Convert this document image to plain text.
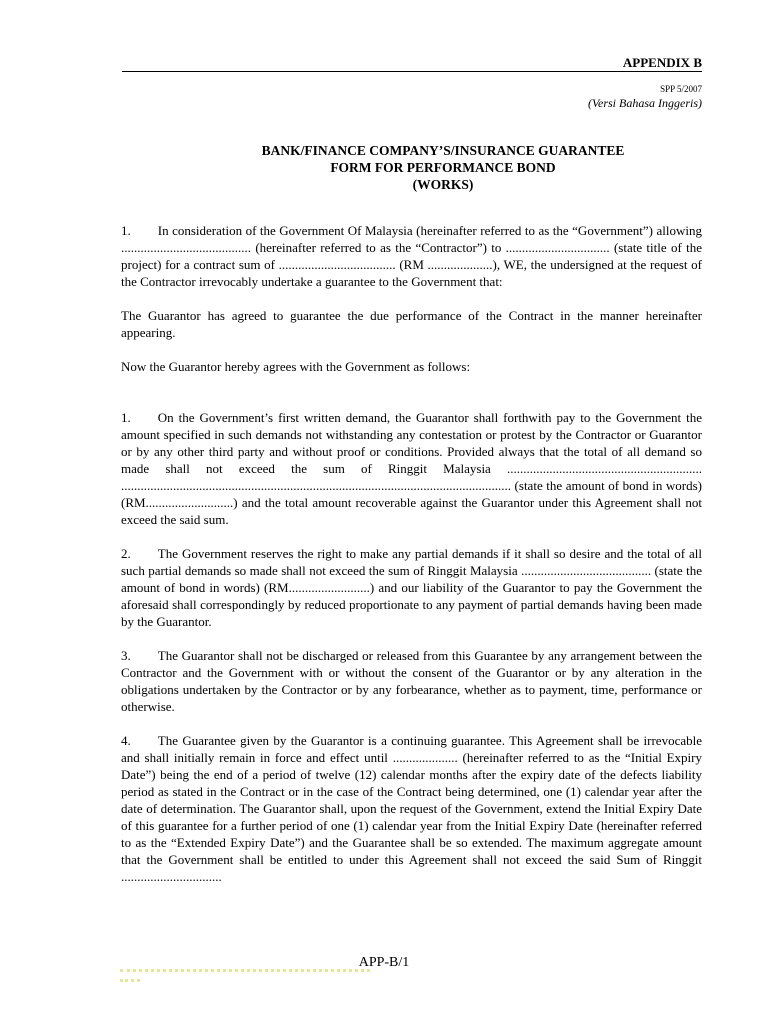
APPENDIX B
SPP 5/2007
(Versi Bahasa Inggeris)
BANK/FINANCE COMPANY’S/INSURANCE GUARANTEE
FORM FOR PERFORMANCE BOND
(WORKS)

1. In consideration of the Government Of Malaysia (hereinafter referred to as the “Government”) allowing ........................................ (hereinafter referred to as the “Contractor”) to ................................ (state title of the project) for a contract sum of .................................... (RM ....................), WE, the undersigned at the request of the Contractor irrevocably undertake a guarantee to the Government that:

The Guarantor has agreed to guarantee the due performance of the Contract in the manner hereinafter appearing.

Now the Guarantor hereby agrees with the Government as follows:

1. On the Government’s first written demand, the Guarantor shall forthwith pay to the Government the amount specified in such demands not withstanding any contestation or protest by the Contractor or Guarantor or by any other third party and without proof or conditions. Provided always that the total of all demand so made shall not exceed the sum of Ringgit Malaysia ............................................................ ........................................................................................................................ (state the amount of bond in words) (RM...........................) and the total amount recoverable against the Guarantor under this Agreement shall not exceed the said sum.

2. The Government reserves the right to make any partial demands if it shall so desire and the total of all such partial demands so made shall not exceed the sum of Ringgit Malaysia ........................................ (state the amount of bond in words) (RM.........................) and our liability of the Guarantor to pay the Government the aforesaid shall correspondingly by reduced proportionate to any payment of partial demands having been made by the Guarantor.

3. The Guarantor shall not be discharged or released from this Guarantee by any arrangement between the Contractor and the Government with or without the consent of the Guarantor or by any alteration in the obligations undertaken by the Contractor or by any forbearance, whether as to payment, time, performance or otherwise.

4. The Guarantee given by the Guarantor is a continuing guarantee. This Agreement shall be irrevocable and shall initially remain in force and effect until .................... (hereinafter referred to as the “Initial Expiry Date”) being the end of a period of twelve (12) calendar months after the expiry date of the defects liability period as stated in the Contract or in the case of the Contract being determined, one (1) calendar year after the date of determination. The Guarantor shall, upon the request of the Government, extend the Initial Expiry Date of this guarantee for a further period of one (1) calendar year from the Initial Expiry Date (hereinafter referred to as the “Extended Expiry Date”) and the Guarantee shall be so extended. The maximum aggregate amount that the Government shall be entitled to under this Agreement shall not exceed the said Sum of Ringgit ...............................

APP-B/1
